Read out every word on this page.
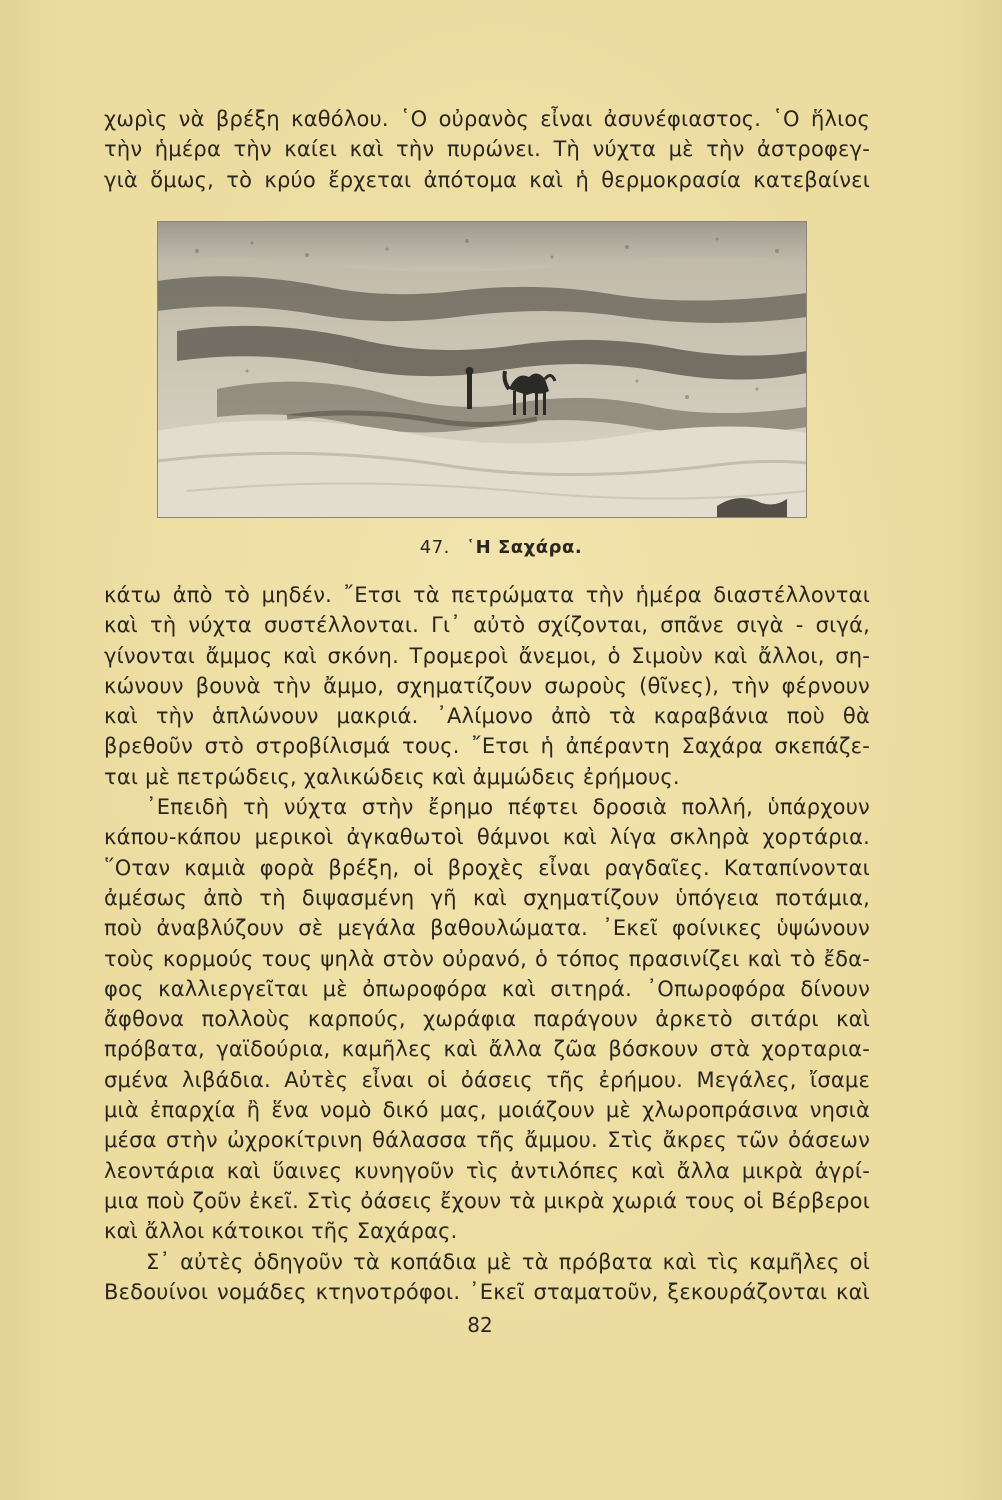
χωρὶς νὰ βρέξη καθόλου. ῾Ο οὐρανὸς εἶναι ἀσυνέφιαστος. ῾Ο ἥλιος
τὴν ἡμέρα τὴν καίει καὶ τὴν πυρώνει. Τὴ νύχτα μὲ τὴν ἀστροφεγ-
γιὰ ὅμως, τὸ κρύο ἔρχεται ἀπότομα καὶ ἡ θερμοκρασία κατεβαίνει
47. ῾Η Σαχάρα.
κάτω ἀπὸ τὸ μηδέν. ῎Ετσι τὰ πετρώματα τὴν ἡμέρα διαστέλλονται
καὶ τὴ νύχτα συστέλλονται. Γι᾽ αὐτὸ σχίζονται, σπᾶνε σιγὰ - σιγά,
γίνονται ἄμμος καὶ σκόνη. Τρομεροὶ ἄνεμοι, ὁ Σιμοὺν καὶ ἄλλοι, ση-
κώνουν βουνὰ τὴν ἄμμο, σχηματίζουν σωροὺς (θῖνες), τὴν φέρνουν
καὶ τὴν ἁπλώνουν μακριά. ᾿Αλίμονο ἀπὸ τὰ καραβάνια ποὺ θὰ
βρεθοῦν στὸ στροβίλισμά τους. ῎Ετσι ἡ ἀπέραντη Σαχάρα σκεπάζε-
ται μὲ πετρώδεις, χαλικώδεις καὶ ἀμμώδεις ἐρήμους.
᾿Επειδὴ τὴ νύχτα στὴν ἔρημο πέφτει δροσιὰ πολλή, ὑπάρχουν
κάπου-κάπου μερικοὶ ἀγκαθωτοὶ θάμνοι καὶ λίγα σκληρὰ χορτάρια.
῞Οταν καμιὰ φορὰ βρέξη, οἱ βροχὲς εἶναι ραγδαῖες. Καταπίνονται
ἀμέσως ἀπὸ τὴ διψασμένη γῆ καὶ σχηματίζουν ὑπόγεια ποτάμια,
ποὺ ἀναβλύζουν σὲ μεγάλα βαθουλώματα. ᾿Εκεῖ φοίνικες ὑψώνουν
τοὺς κορμούς τους ψηλὰ στὸν οὐρανό, ὁ τόπος πρασινίζει καὶ τὸ ἔδα-
φος καλλιεργεῖται μὲ ὀπωροφόρα καὶ σιτηρά. ᾿Οπωροφόρα δίνουν
ἄφθονα πολλοὺς καρπούς, χωράφια παράγουν ἀρκετὸ σιτάρι καὶ
πρόβατα, γαϊδούρια, καμῆλες καὶ ἄλλα ζῶα βόσκουν στὰ χορταρια-
σμένα λιβάδια. Αὐτὲς εἶναι οἱ ὀάσεις τῆς ἐρήμου. Μεγάλες, ἴσαμε
μιὰ ἐπαρχία ἢ ἕνα νομὸ δικό μας, μοιάζουν μὲ χλωροπράσινα νησιὰ
μέσα στὴν ὠχροκίτρινη θάλασσα τῆς ἄμμου. Στὶς ἄκρες τῶν ὀάσεων
λεοντάρια καὶ ὕαινες κυνηγοῦν τὶς ἀντιλόπες καὶ ἄλλα μικρὰ ἀγρί-
μια ποὺ ζοῦν ἐκεῖ. Στὶς ὀάσεις ἔχουν τὰ μικρὰ χωριά τους οἱ Βέρβεροι
καὶ ἄλλοι κάτοικοι τῆς Σαχάρας.
Σ᾽ αὐτὲς ὁδηγοῦν τὰ κοπάδια μὲ τὰ πρόβατα καὶ τὶς καμῆλες οἱ
Βεδουίνοι νομάδες κτηνοτρόφοι. ᾿Εκεῖ σταματοῦν, ξεκουράζονται καὶ
82
